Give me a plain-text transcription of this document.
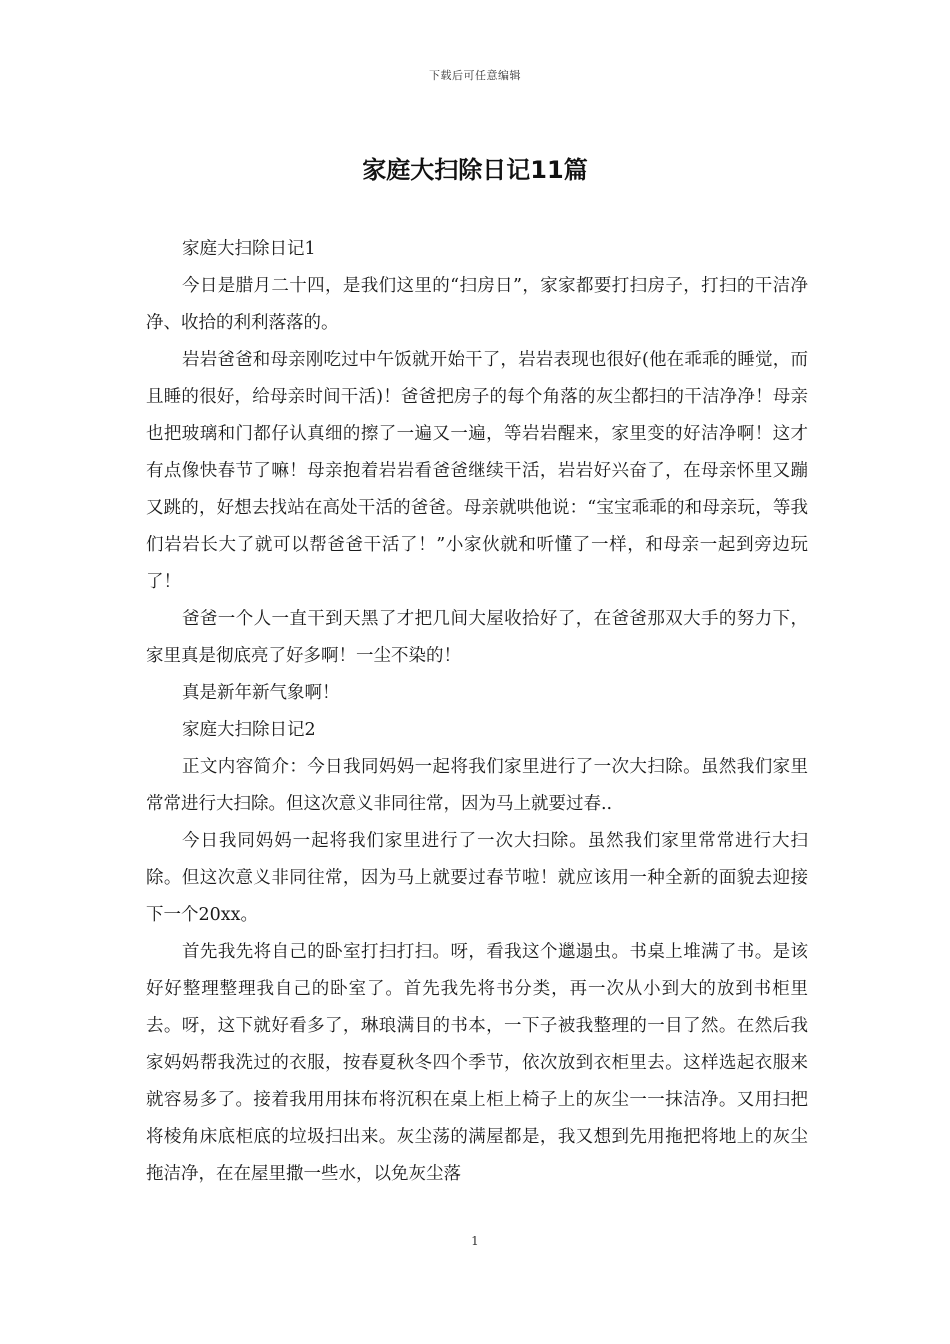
下载后可任意编辑
家庭大扫除日记11篇

家庭大扫除日记1

今日是腊月二十四，是我们这里的“扫房日”，家家都要打扫房子，打扫的干洁净净、收拾的利利落落的。

岩岩爸爸和母亲刚吃过中午饭就开始干了，岩岩表现也很好(他在乖乖的睡觉，而且睡的很好，给母亲时间干活)！爸爸把房子的每个角落的灰尘都扫的干洁净净！母亲也把玻璃和门都仔认真细的擦了一遍又一遍，等岩岩醒来，家里变的好洁净啊！这才有点像快春节了嘛！母亲抱着岩岩看爸爸继续干活，岩岩好兴奋了，在母亲怀里又蹦又跳的，好想去找站在高处干活的爸爸。母亲就哄他说：“宝宝乖乖的和母亲玩，等我们岩岩长大了就可以帮爸爸干活了！”小家伙就和听懂了一样，和母亲一起到旁边玩了！

爸爸一个人一直干到天黑了才把几间大屋收拾好了，在爸爸那双大手的努力下，家里真是彻底亮了好多啊！一尘不染的！

真是新年新气象啊！

家庭大扫除日记2

正文内容简介：今日我同妈妈一起将我们家里进行了一次大扫除。虽然我们家里常常进行大扫除。但这次意义非同往常，因为马上就要过春..

今日我同妈妈一起将我们家里进行了一次大扫除。虽然我们家里常常进行大扫除。但这次意义非同往常，因为马上就要过春节啦！就应该用一种全新的面貌去迎接下一个20xx。

首先我先将自己的卧室打扫打扫。呀，看我这个邋遢虫。书桌上堆满了书。是该好好整理整理我自己的卧室了。首先我先将书分类，再一次从小到大的放到书柜里去。呀，这下就好看多了，琳琅满目的书本，一下子被我整理的一目了然。在然后我家妈妈帮我洗过的衣服，按春夏秋冬四个季节，依次放到衣柜里去。这样选起衣服来就容易多了。接着我用用抹布将沉积在桌上柜上椅子上的灰尘一一抹洁净。又用扫把将棱角床底柜底的垃圾扫出来。灰尘荡的满屋都是，我又想到先用拖把将地上的灰尘拖洁净，在在屋里撒一些水，以免灰尘落

1
